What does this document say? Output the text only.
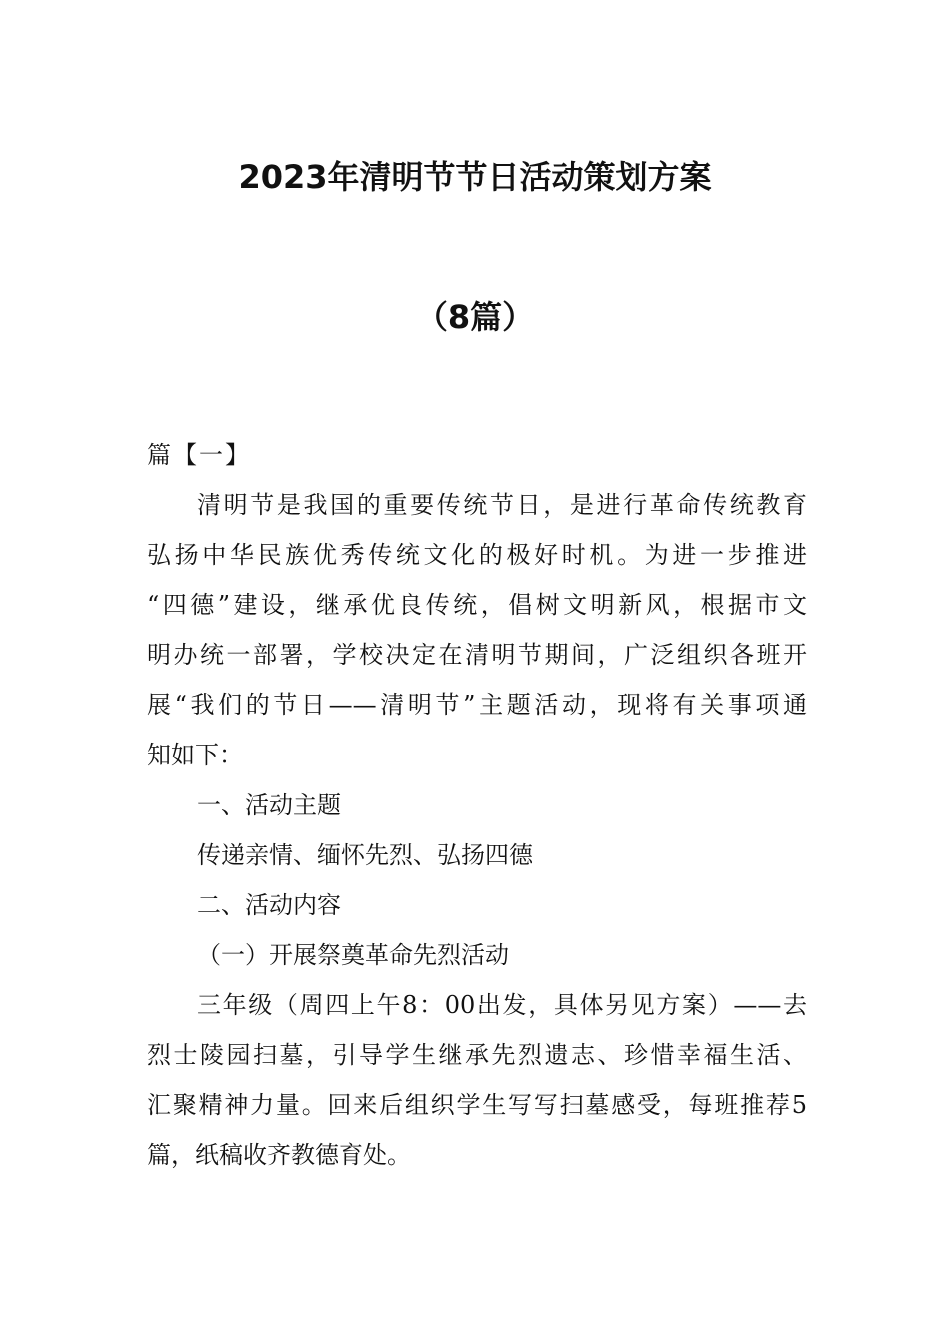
2023年清明节节日活动策划方案
（8篇）
篇【一】
清明节是我国的重要传统节日，是进行革命传统教育
弘扬中华民族优秀传统文化的极好时机。为进一步推进
“四德”建设，继承优良传统，倡树文明新风，根据市文
明办统一部署，学校决定在清明节期间，广泛组织各班开
展“我们的节日——清明节”主题活动，现将有关事项通
知如下：
一、活动主题
传递亲情、缅怀先烈、弘扬四德
二、活动内容
（一）开展祭奠革命先烈活动
三年级（周四上午8：00出发，具体另见方案）——去
烈士陵园扫墓，引导学生继承先烈遗志、珍惜幸福生活、
汇聚精神力量。回来后组织学生写写扫墓感受，每班推荐5
篇，纸稿收齐教德育处。
